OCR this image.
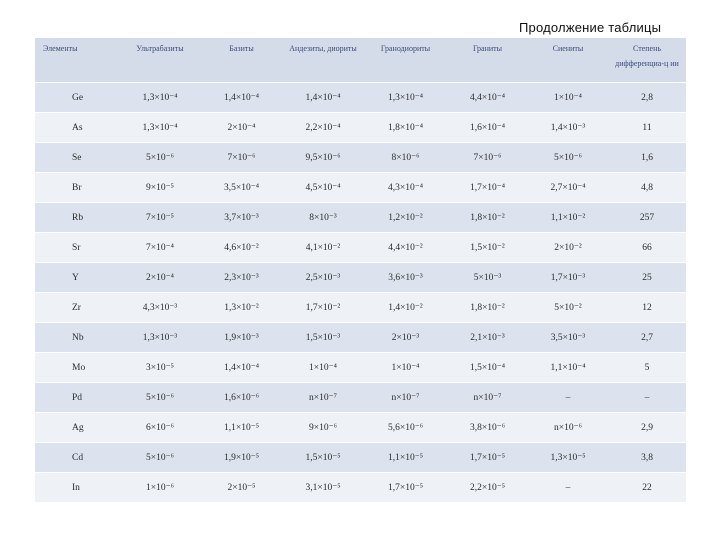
Продолжение таблицы
Элементы	Ультрабазиты	Базиты	Андезиты, диориты	Гранодиориты	Граниты	Сиениты	Степень дифференциа-ц ии
Ge	1,3×10⁻⁴	1,4×10⁻⁴	1,4×10⁻⁴	1,3×10⁻⁴	4,4×10⁻⁴	1×10⁻⁴	2,8
As	1,3×10⁻⁴	2×10⁻⁴	2,2×10⁻⁴	1,8×10⁻⁴	1,6×10⁻⁴	1,4×10⁻³	11
Se	5×10⁻⁶	7×10⁻⁶	9,5×10⁻⁶	8×10⁻⁶	7×10⁻⁶	5×10⁻⁶	1,6
Br	9×10⁻⁵	3,5×10⁻⁴	4,5×10⁻⁴	4,3×10⁻⁴	1,7×10⁻⁴	2,7×10⁻⁴	4,8
Rb	7×10⁻⁵	3,7×10⁻³	8×10⁻³	1,2×10⁻²	1,8×10⁻²	1,1×10⁻²	257
Sr	7×10⁻⁴	4,6×10⁻²	4,1×10⁻²	4,4×10⁻²	1,5×10⁻²	2×10⁻²	66
Y	2×10⁻⁴	2,3×10⁻³	2,5×10⁻³	3,6×10⁻³	5×10⁻³	1,7×10⁻³	25
Zr	4,3×10⁻³	1,3×10⁻²	1,7×10⁻²	1,4×10⁻²	1,8×10⁻²	5×10⁻²	12
Nb	1,3×10⁻³	1,9×10⁻³	1,5×10⁻³	2×10⁻³	2,1×10⁻³	3,5×10⁻³	2,7
Mo	3×10⁻⁵	1,4×10⁻⁴	1×10⁻⁴	1×10⁻⁴	1,5×10⁻⁴	1,1×10⁻⁴	5
Pd	5×10⁻⁶	1,6×10⁻⁶	n×10⁻⁷	n×10⁻⁷	n×10⁻⁷	–	–
Ag	6×10⁻⁶	1,1×10⁻⁵	9×10⁻⁶	5,6×10⁻⁶	3,8×10⁻⁶	n×10⁻⁶	2,9
Cd	5×10⁻⁶	1,9×10⁻⁵	1,5×10⁻⁵	1,1×10⁻⁵	1,7×10⁻⁵	1,3×10⁻⁵	3,8
In	1×10⁻⁶	2×10⁻⁵	3,1×10⁻⁵	1,7×10⁻⁵	2,2×10⁻⁵	–	22
